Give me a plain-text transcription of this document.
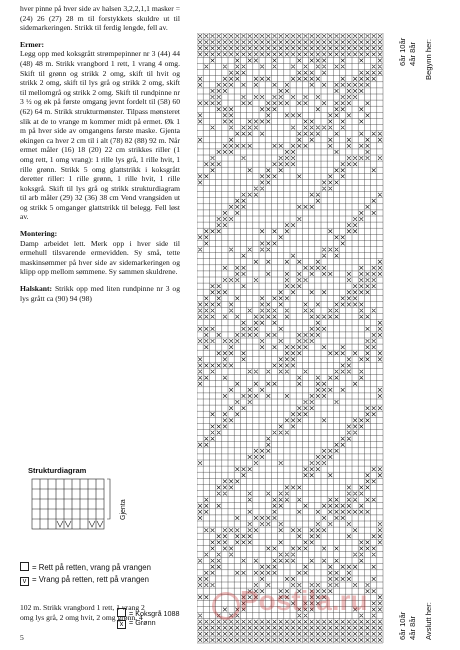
hver pinne på hver side av halsen 3,2,2,1,1 masker = (24) 26 (27) 28 m til forstykkets skuldre ut til sidemarkeringen. Strikk til ferdig lengde, fell av.

Ermer:
Legg opp med koksgrått strømpepinner nr 3 (44) 44 (48) 48 m. Strikk vrangbord 1 rett, 1 vrang 4 omg. Skift til grønn og strikk 2 omg, skift til hvit og strikk 2 omg, skift til lys grå og strikk 2 omg, skift til mellomgrå og strikk 2 omg. Skift til rundpinne nr 3 ½ og øk på første omgang jevnt fordelt til (58) 60 (62) 64 m. Strikk strukturmønster. Tilpass mønsteret slik at de to vrange m kommer midt på ermet. Øk 1 m på hver side av omgangens første maske. Gjenta økingen ca hver 2 cm til i alt (78) 82 (88) 92 m. Når ermet måler (16) 18 (20) 22 cm strikkes riller (1 omg rett, 1 omg vrang): 1 rille lys grå, 1 rille hvit, 1 rille grønn. Strikk 5 omg glattstrikk i koksgrått deretter riller: 1 rille grønn, 1 rille hvit, 1 rille koksgrå. Skift til lys grå og strikk strukturdiagram til arb måler (29) 32 (36) 38 cm Vend vrangsiden ut og strikk 5 omganger glattstrikk til belegg. Fell løst av.

Montering:
Damp arbeidet lett. Merk opp i hver side til ermehull tilsvarende ermevidden. Sy små, tette maskinsømmer på hver side av sidemarkeringen og klipp opp mellom sømmene. Sy sammen skuldrene.

Halskant: Strikk opp med liten rundpinne nr 3 og lys grått ca (90) 94 (98)

Strukturdiagram
Gjenta
= Rett på retten, vrang på vrangen
v = Vrang på retten, rett på vrangen
102 m. Strikk vrangbord 1 rett, 1 vrang 2 omg lys grå, 2 omg hvit, 2 omg grønn, 4
= Koksgrå 1088
x = Grønn
5
6år 10år 4år 8år Begynn her:
6år 10år 4år 8år Avslutt her:
Postila.ru
